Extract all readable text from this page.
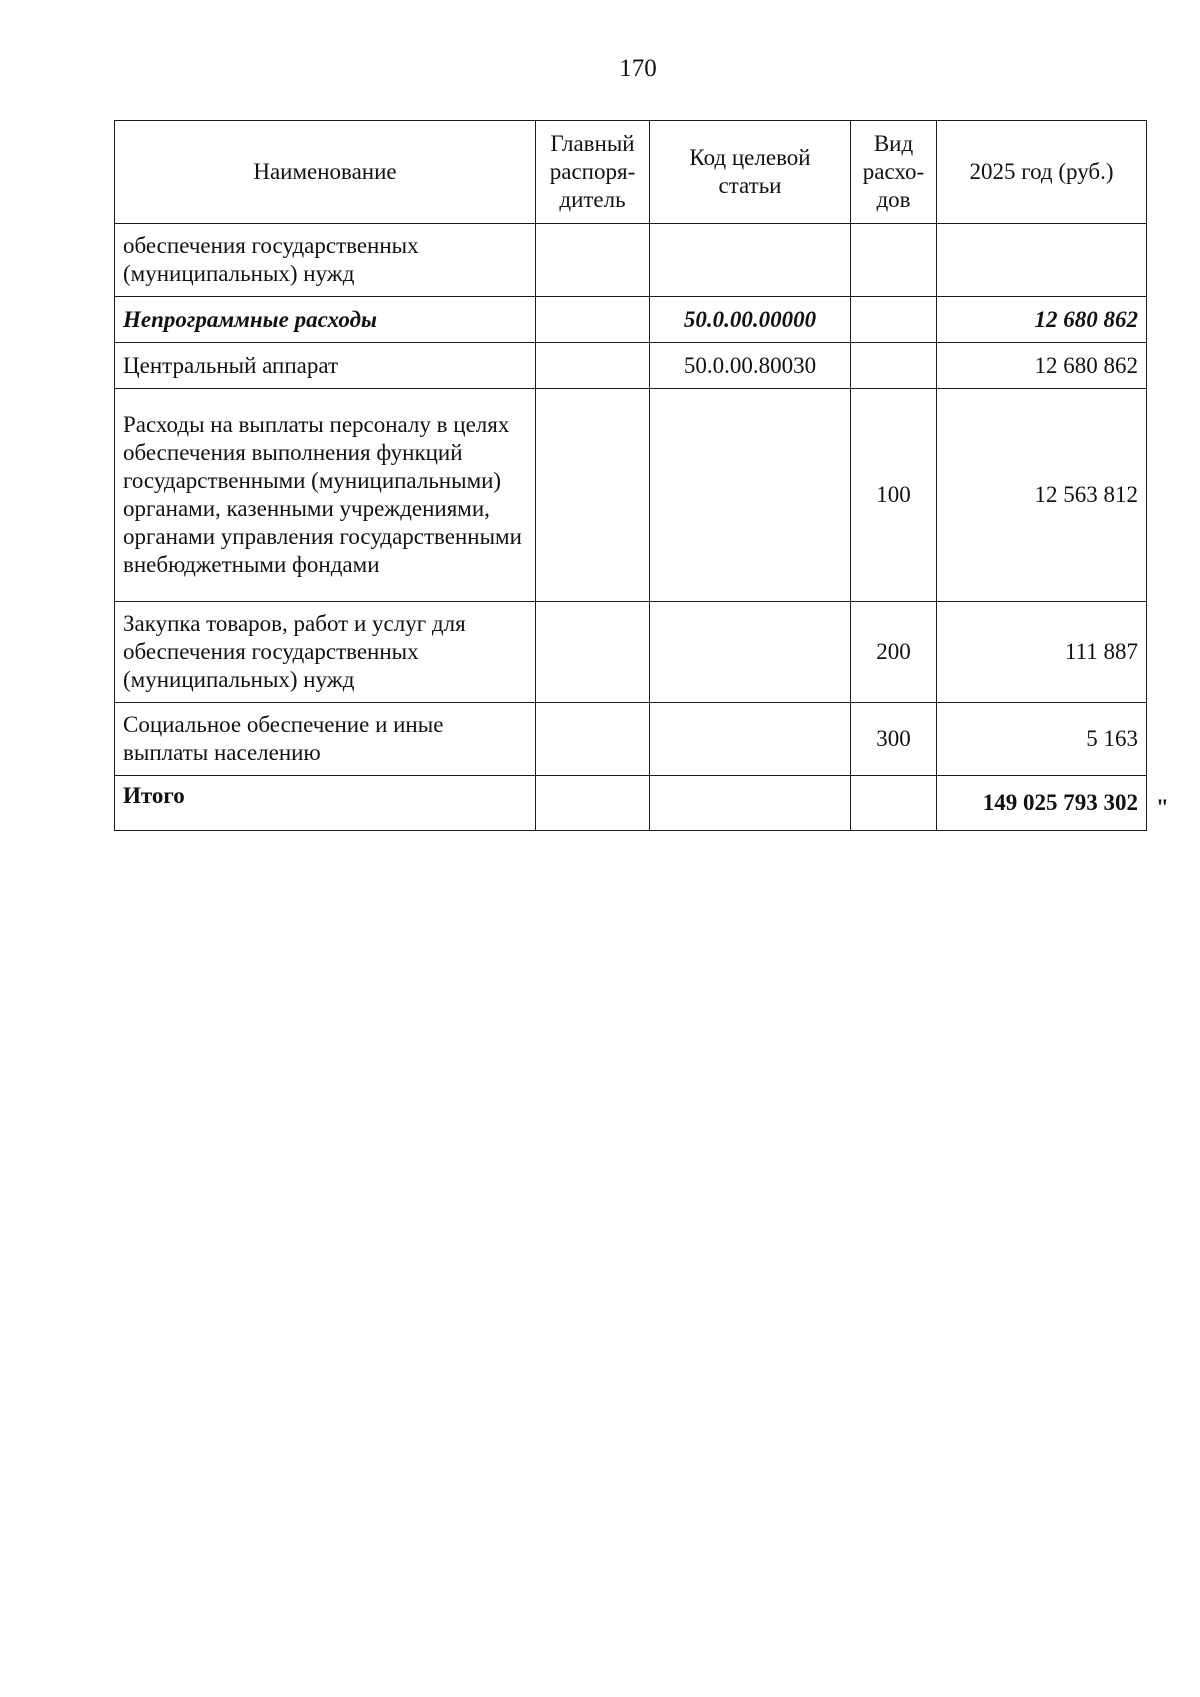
170
Наименование	Главный распоря-дитель	Код целевой статьи	Вид расхо-дов	2025 год (руб.)
обеспечения государственных (муниципальных) нужд				
Непрограммные расходы		50.0.00.00000		12 680 862
Центральный аппарат		50.0.00.80030		12 680 862
Расходы на выплаты персоналу в целях обеспечения выполнения функций государственными (муниципальными) органами, казенными учреждениями, органами управления государственными внебюджетными фондами			100	12 563 812
Закупка товаров, работ и услуг для обеспечения государственных (муниципальных) нужд			200	111 887
Социальное обеспечение и иные выплаты населению			300	5 163
Итого				149 025 793 302 "
